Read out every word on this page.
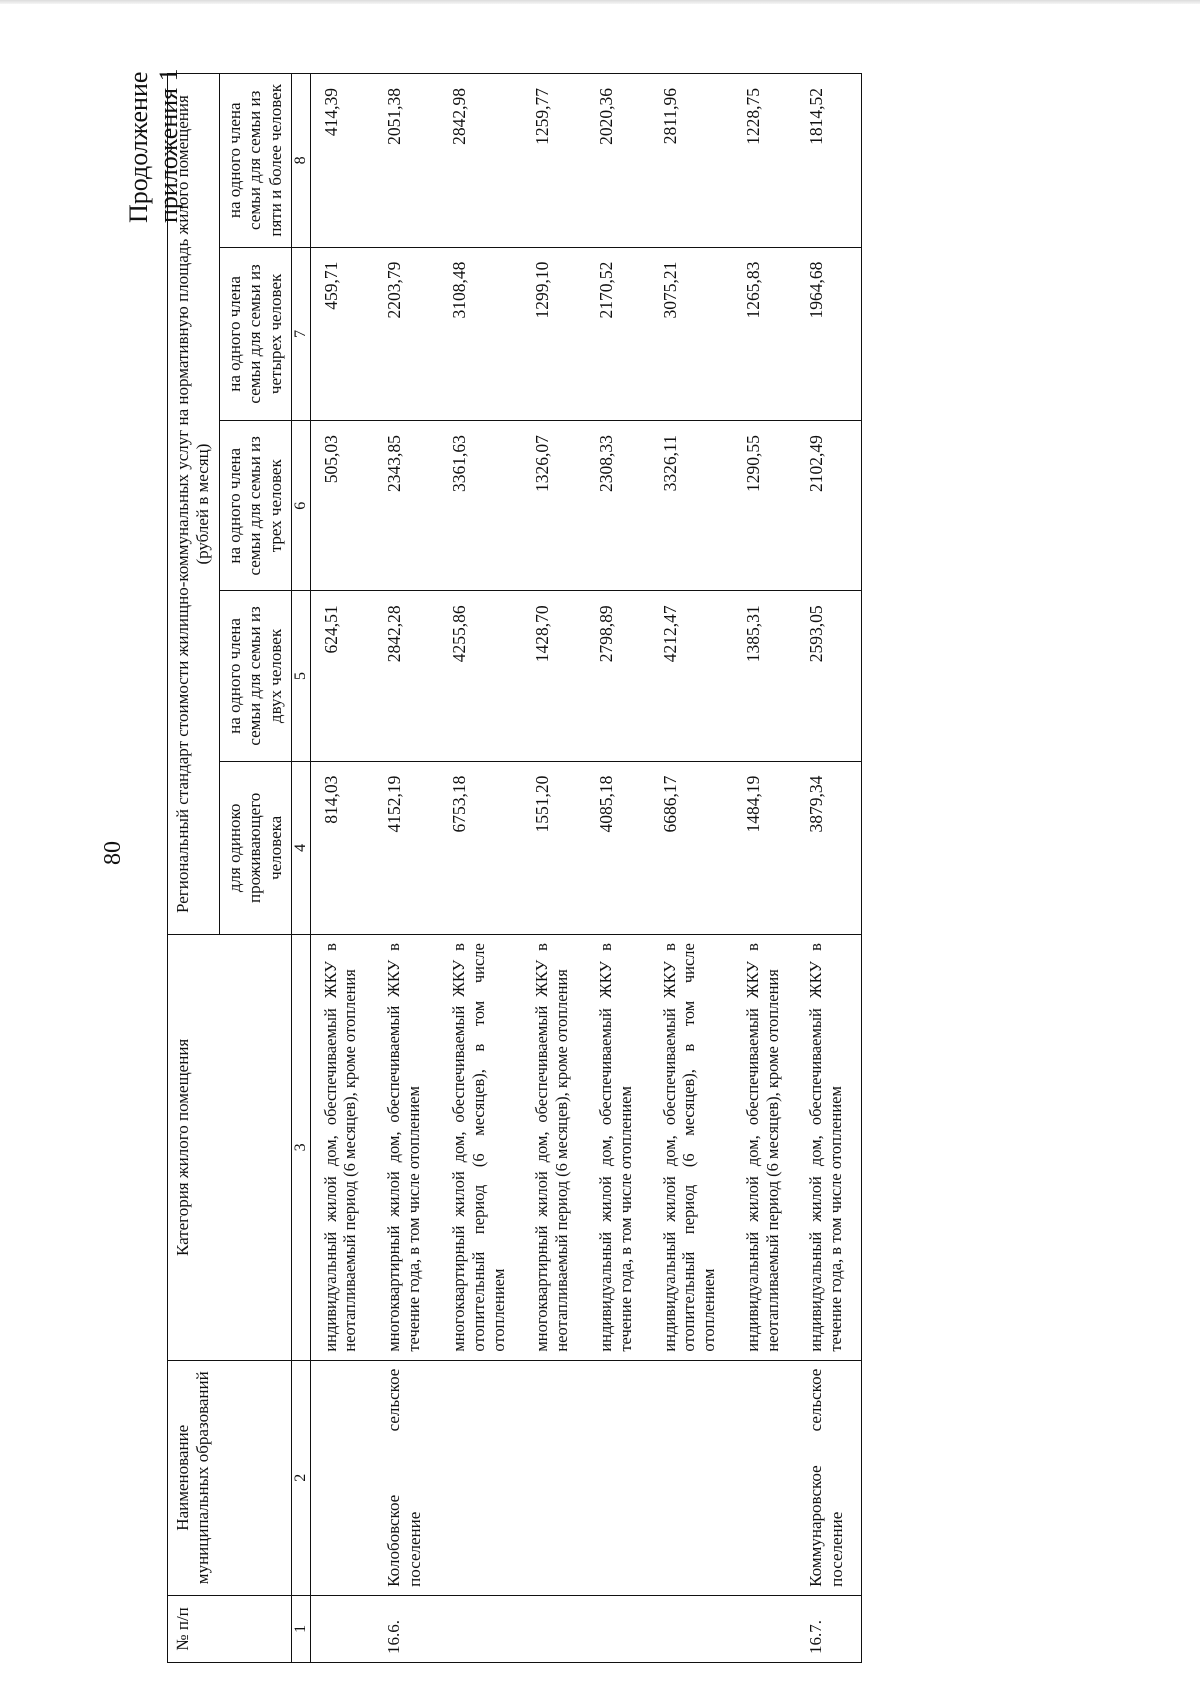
80
Продолжение приложения 1
№ п/п	Наименование муниципальных образований	Категория жилого помещения	Региональный стандарт стоимости жилищно-коммунальных услуг на нормативную площадь жилого помещения (рублей в месяц)				
			для одиноко проживающего человека	на одного члена семьи для семьи из двух человек	на одного члена семьи для семьи из трех человек	на одного члена семьи для семьи из четырех человек	на одного члена семьи для семьи из пяти и более человек
1	2	3	4	5	6	7	8
		индивидуальный жилой дом, обеспечиваемый ЖКУ в неотапливаемый период (6 месяцев), кроме отопления	814,03	624,51	505,03	459,71	414,39
16.6.	Колобовское сельское поселение	многоквартирный жилой дом, обеспечиваемый ЖКУ в течение года, в том числе отоплением	4152,19	2842,28	2343,85	2203,79	2051,38
		многоквартирный жилой дом, обеспечиваемый ЖКУ в отопительный период (6 месяцев), в том числе отоплением	6753,18	4255,86	3361,63	3108,48	2842,98
		многоквартирный жилой дом, обеспечиваемый ЖКУ в неотапливаемый период (6 месяцев), кроме отопления	1551,20	1428,70	1326,07	1299,10	1259,77
		индивидуальный жилой дом, обеспечиваемый ЖКУ в течение года, в том числе отоплением	4085,18	2798,89	2308,33	2170,52	2020,36
		индивидуальный жилой дом, обеспечиваемый ЖКУ в отопительный период (6 месяцев), в том числе отоплением	6686,17	4212,47	3326,11	3075,21	2811,96
		индивидуальный жилой дом, обеспечиваемый ЖКУ в неотапливаемый период (6 месяцев), кроме отопления	1484,19	1385,31	1290,55	1265,83	1228,75
16.7.	Коммунаровское сельское поселение	индивидуальный жилой дом, обеспечиваемый ЖКУ в течение года, в том числе отоплением	3879,34	2593,05	2102,49	1964,68	1814,52
